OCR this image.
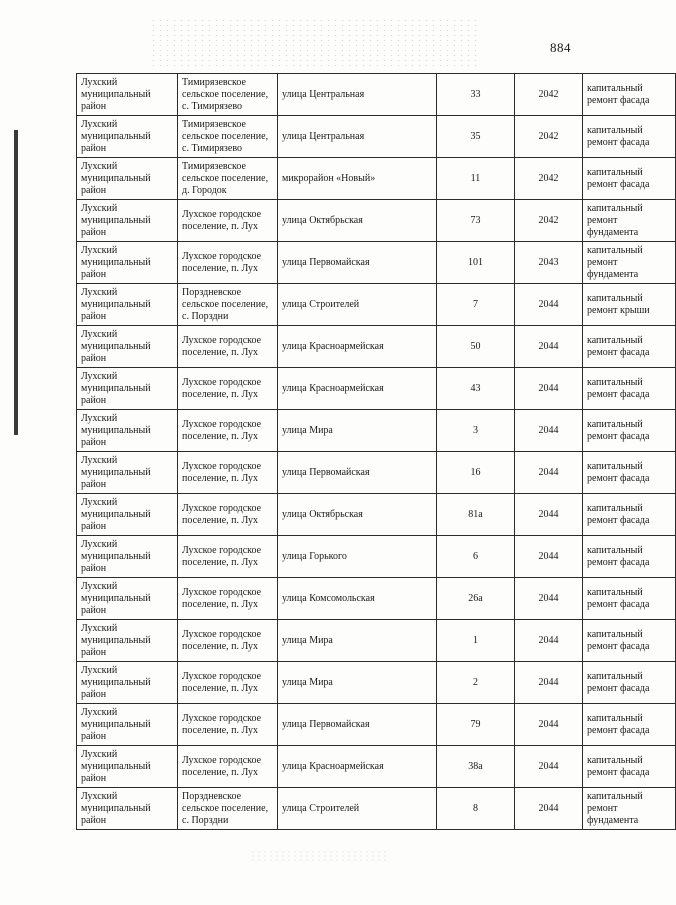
884
Лухский муниципальный район	Тимирязевское сельское поселение, с. Тимирязево	улица Центральная	33	2042	капитальный ремонт фасада
Лухский муниципальный район	Тимирязевское сельское поселение, с. Тимирязево	улица Центральная	35	2042	капитальный ремонт фасада
Лухский муниципальный район	Тимирязевское сельское поселение, д. Городок	микрорайон «Новый»	11	2042	капитальный ремонт фасада
Лухский муниципальный район	Лухское городское поселение, п. Лух	улица Октябрьская	73	2042	капитальный ремонт фундамента
Лухский муниципальный район	Лухское городское поселение, п. Лух	улица Первомайская	101	2043	капитальный ремонт фундамента
Лухский муниципальный район	Порздневское сельское поселение, с. Порздни	улица Строителей	7	2044	капитальный ремонт крыши
Лухский муниципальный район	Лухское городское поселение, п. Лух	улица Красноармейская	50	2044	капитальный ремонт фасада
Лухский муниципальный район	Лухское городское поселение, п. Лух	улица Красноармейская	43	2044	капитальный ремонт фасада
Лухский муниципальный район	Лухское городское поселение, п. Лух	улица Мира	3	2044	капитальный ремонт фасада
Лухский муниципальный район	Лухское городское поселение, п. Лух	улица Первомайская	16	2044	капитальный ремонт фасада
Лухский муниципальный район	Лухское городское поселение, п. Лух	улица Октябрьская	81а	2044	капитальный ремонт фасада
Лухский муниципальный район	Лухское городское поселение, п. Лух	улица Горького	6	2044	капитальный ремонт фасада
Лухский муниципальный район	Лухское городское поселение, п. Лух	улица Комсомольская	26а	2044	капитальный ремонт фасада
Лухский муниципальный район	Лухское городское поселение, п. Лух	улица Мира	1	2044	капитальный ремонт фасада
Лухский муниципальный район	Лухское городское поселение, п. Лух	улица Мира	2	2044	капитальный ремонт фасада
Лухский муниципальный район	Лухское городское поселение, п. Лух	улица Первомайская	79	2044	капитальный ремонт фасада
Лухский муниципальный район	Лухское городское поселение, п. Лух	улица Красноармейская	38а	2044	капитальный ремонт фасада
Лухский муниципальный район	Порздневское сельское поселение, с. Порздни	улица Строителей	8	2044	капитальный ремонт фундамента
